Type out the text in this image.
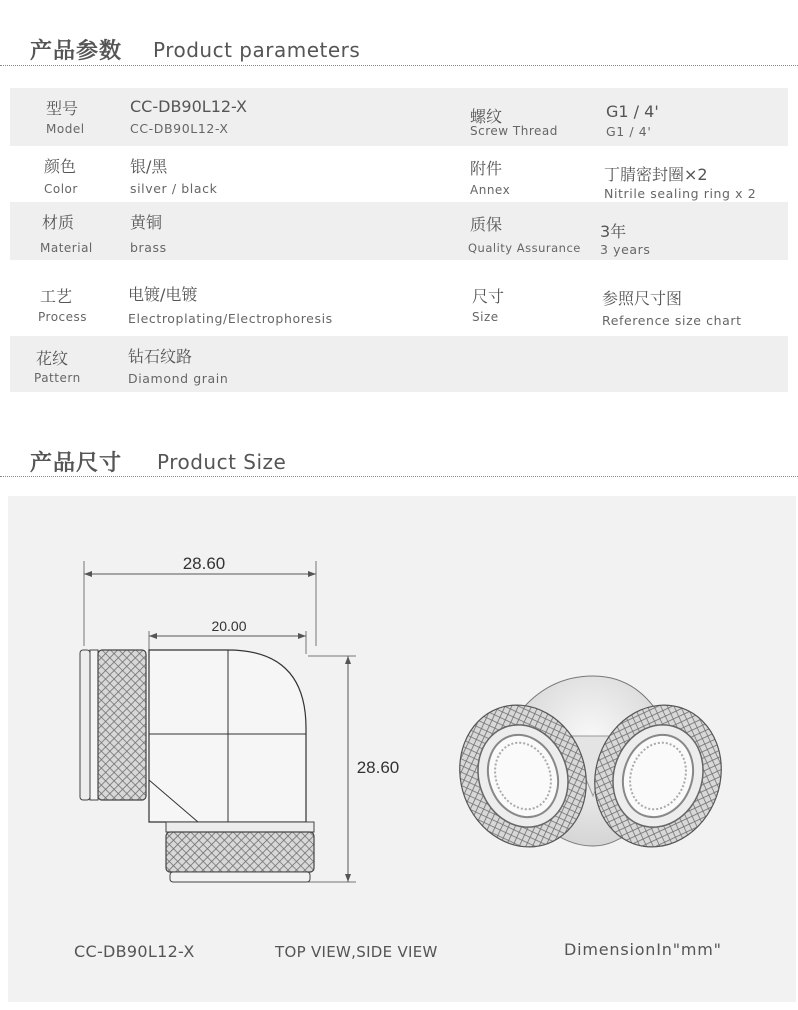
产品参数 Product parameters
型号
Model
CC-DB90L12-X
CC-DB90L12-X
螺纹
Screw Thread
G1 / 4'
G1 / 4'
颜色
Color
银/黑
silver / black
附件
Annex
丁腈密封圈×2
Nitrile sealing ring x 2
材质
Material
黄铜
brass
质保
Quality Assurance
3年
3 years
工艺
Process
电镀/电镀
Electroplating/Electrophoresis
尺寸
Size
参照尺寸图
Reference size chart
花纹
Pattern
钻石纹路
Diamond grain
产品尺寸 Product Size
28.60
20.00
28.60
CC-DB90L12-X	TOP VIEW,SIDE VIEW	DimensionIn"mm"
